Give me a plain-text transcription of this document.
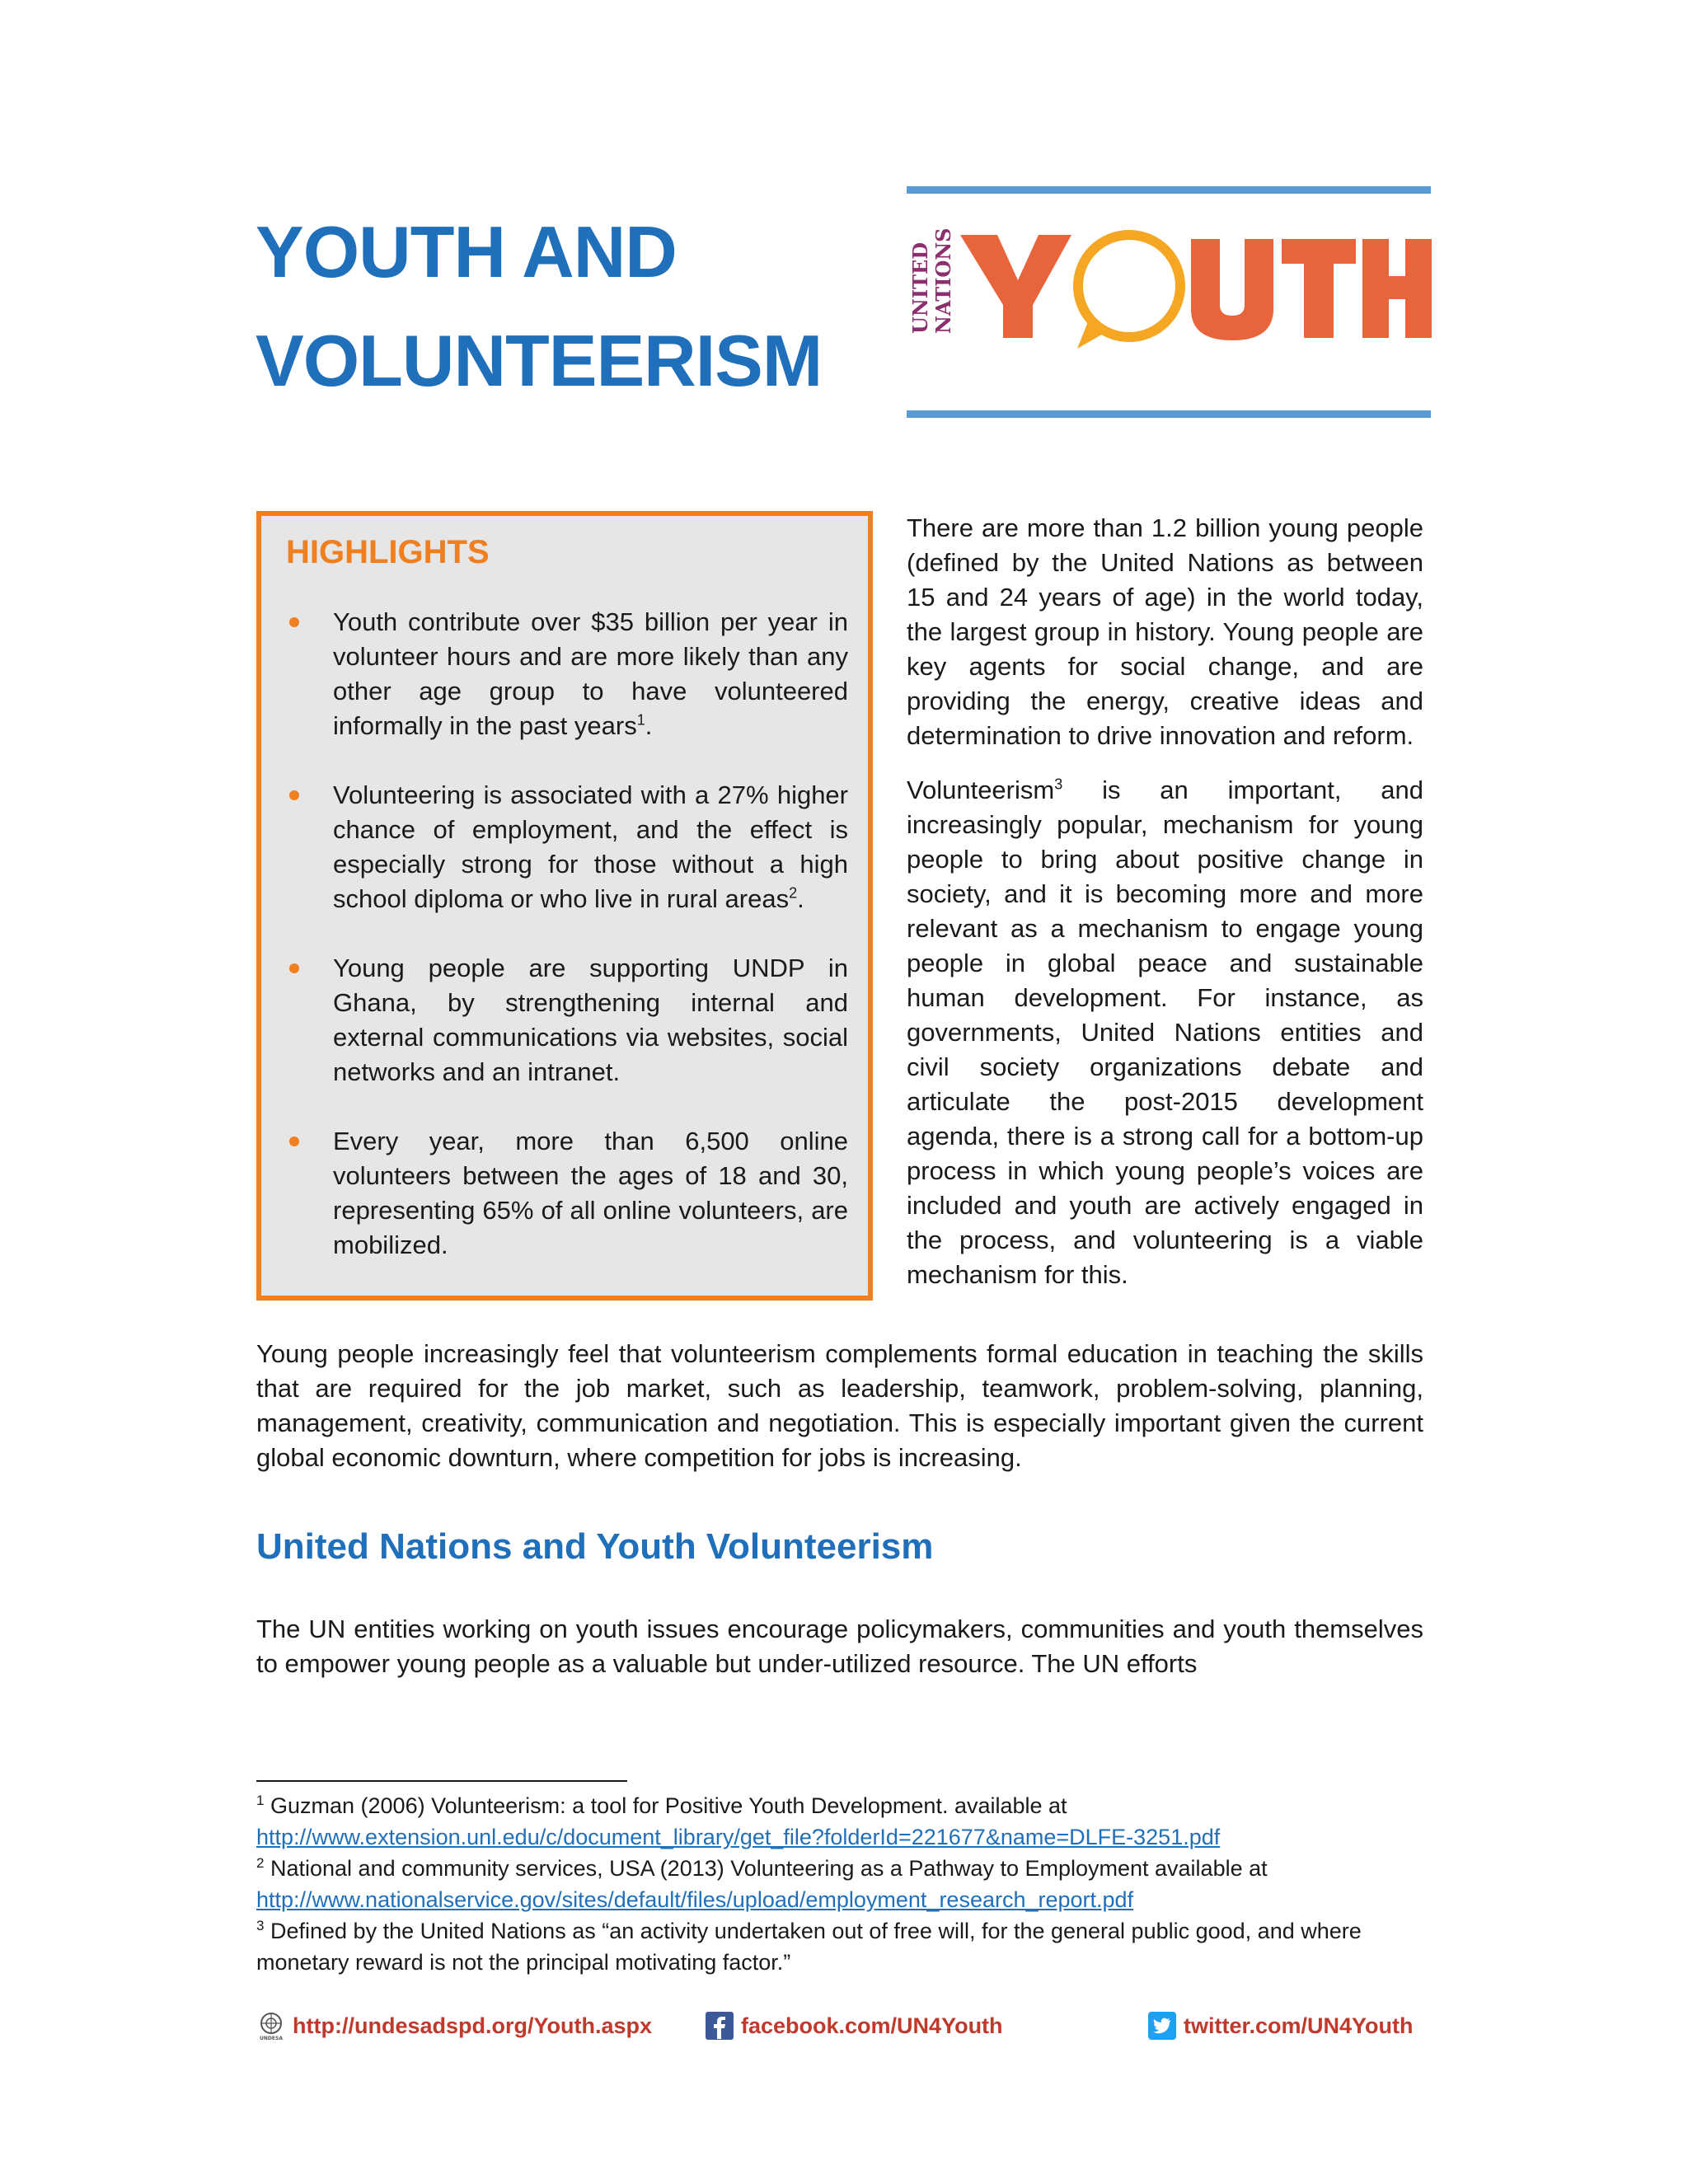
YOUTH AND
VOLUNTEERISM
UNITED NATIONS
HIGHLIGHTS
Youth contribute over $35 billion per year in volunteer hours and are more likely than any other age group to have volunteered informally in the past years$^1$.
Volunteering is associated with a 27% higher chance of employment, and the effect is especially strong for those without a high school diploma or who live in rural areas$^2$.
Young people are supporting UNDP in Ghana, by strengthening internal and external communications via websites, social networks and an intranet.
Every year, more than 6,500 online volunteers between the ages of 18 and 30, representing 65% of all online volunteers, are mobilized.

There are more than 1.2 billion young people (defined by the United Nations as between 15 and 24 years of age) in the world today, the largest group in history. Young people are key agents for social change, and are providing the energy, creative ideas and determination to drive innovation and reform.

Volunteerism$^3$ is an important, and increasingly popular, mechanism for young people to bring about positive change in society, and it is becoming more and more relevant as a mechanism to engage young people in global peace and sustainable human development. For instance, as governments, United Nations entities and civil society organizations debate and articulate the post-2015 development agenda, there is a strong call for a bottom-up process in which young people’s voices are included and youth are actively engaged in the process, and volunteering is a viable mechanism for this.

Young people increasingly feel that volunteerism complements formal education in teaching the skills that are required for the job market, such as leadership, teamwork, problem-solving, planning, management, creativity, communication and negotiation. This is especially important given the current global economic downturn, where competition for jobs is increasing.

United Nations and Youth Volunteerism

The UN entities working on youth issues encourage policymakers, communities and youth themselves to empower young people as a valuable but under-utilized resource. The UN efforts

$^1$ Guzman (2006) Volunteerism: a tool for Positive Youth Development. available at

http://www.extension.unl.edu/c/document_library/get_file?folderId=221677&name=DLFE-3251.pdf

$^2$ National and community services, USA (2013) Volunteering as a Pathway to Employment available at

http://www.nationalservice.gov/sites/default/files/upload/employment_research_report.pdf

$^3$ Defined by the United Nations as “an activity undertaken out of free will, for the general public good, and where monetary reward is not the principal motivating factor.”

UNDESA
http://undesadspd.org/Youth.aspx	facebook.com/UN4Youth	twitter.com/UN4Youth
